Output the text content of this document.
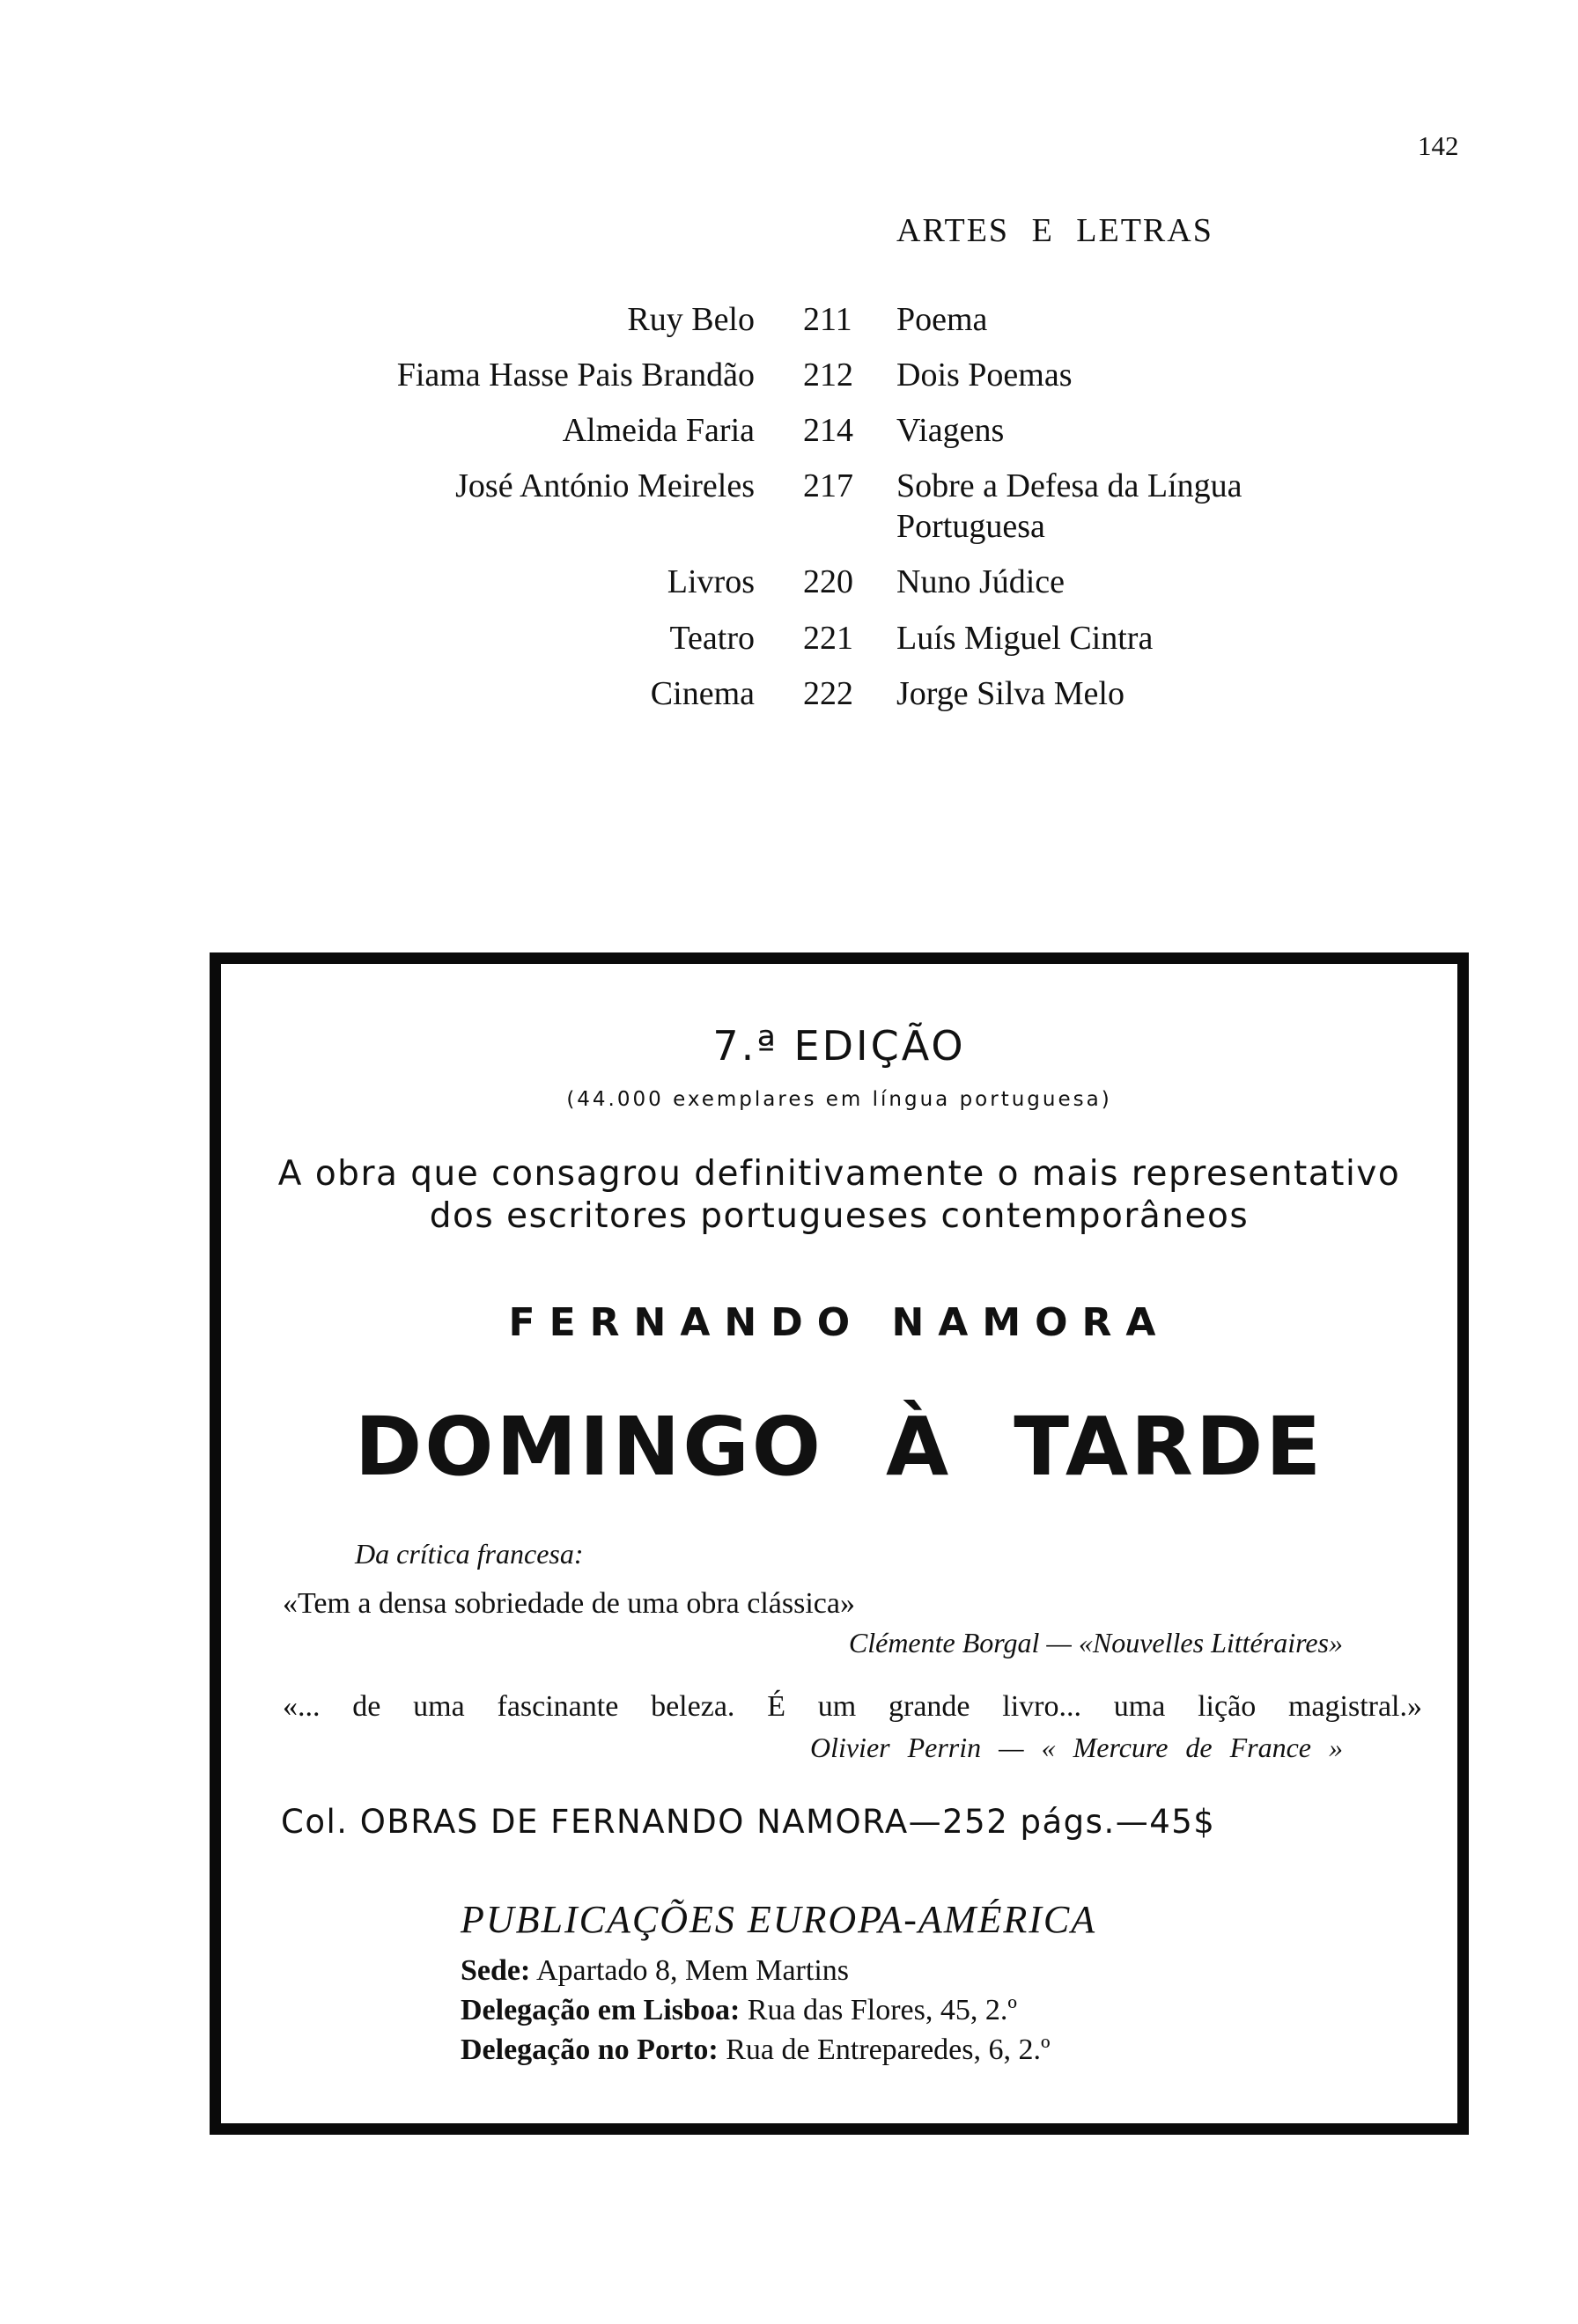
142
ARTES E LETRAS
Ruy Belo 211	Poema
Fiama Hasse Pais Brandão 212	Dois Poemas
Almeida Faria 214	Viagens
José António Meireles 217	Sobre a Defesa da Língua Portuguesa
Livros 220	Nuno Júdice
Teatro 221	Luís Miguel Cintra
Cinema 222	Jorge Silva Melo
7.ª EDIÇÃO
(44.000 exemplares em língua portuguesa)
A obra que consagrou definitivamente o mais representativo dos escritores portugueses contemporâneos
FERNANDO NAMORA
DOMINGO À TARDE
Da crítica francesa:
«Tem a densa sobriedade de uma obra clássica»
Clémente Borgal — «Nouvelles Littéraires»
«... de uma fascinante beleza. É um grande livro... uma lição magistral.»
Olivier Perrin — « Mercure de France »
Col. OBRAS DE FERNANDO NAMORA—252 págs.—45$
PUBLICAÇÕES EUROPA-AMÉRICA
Sede: Apartado 8, Mem Martins
Delegação em Lisboa: Rua das Flores, 45, 2.º
Delegação no Porto: Rua de Entreparedes, 6, 2.º
